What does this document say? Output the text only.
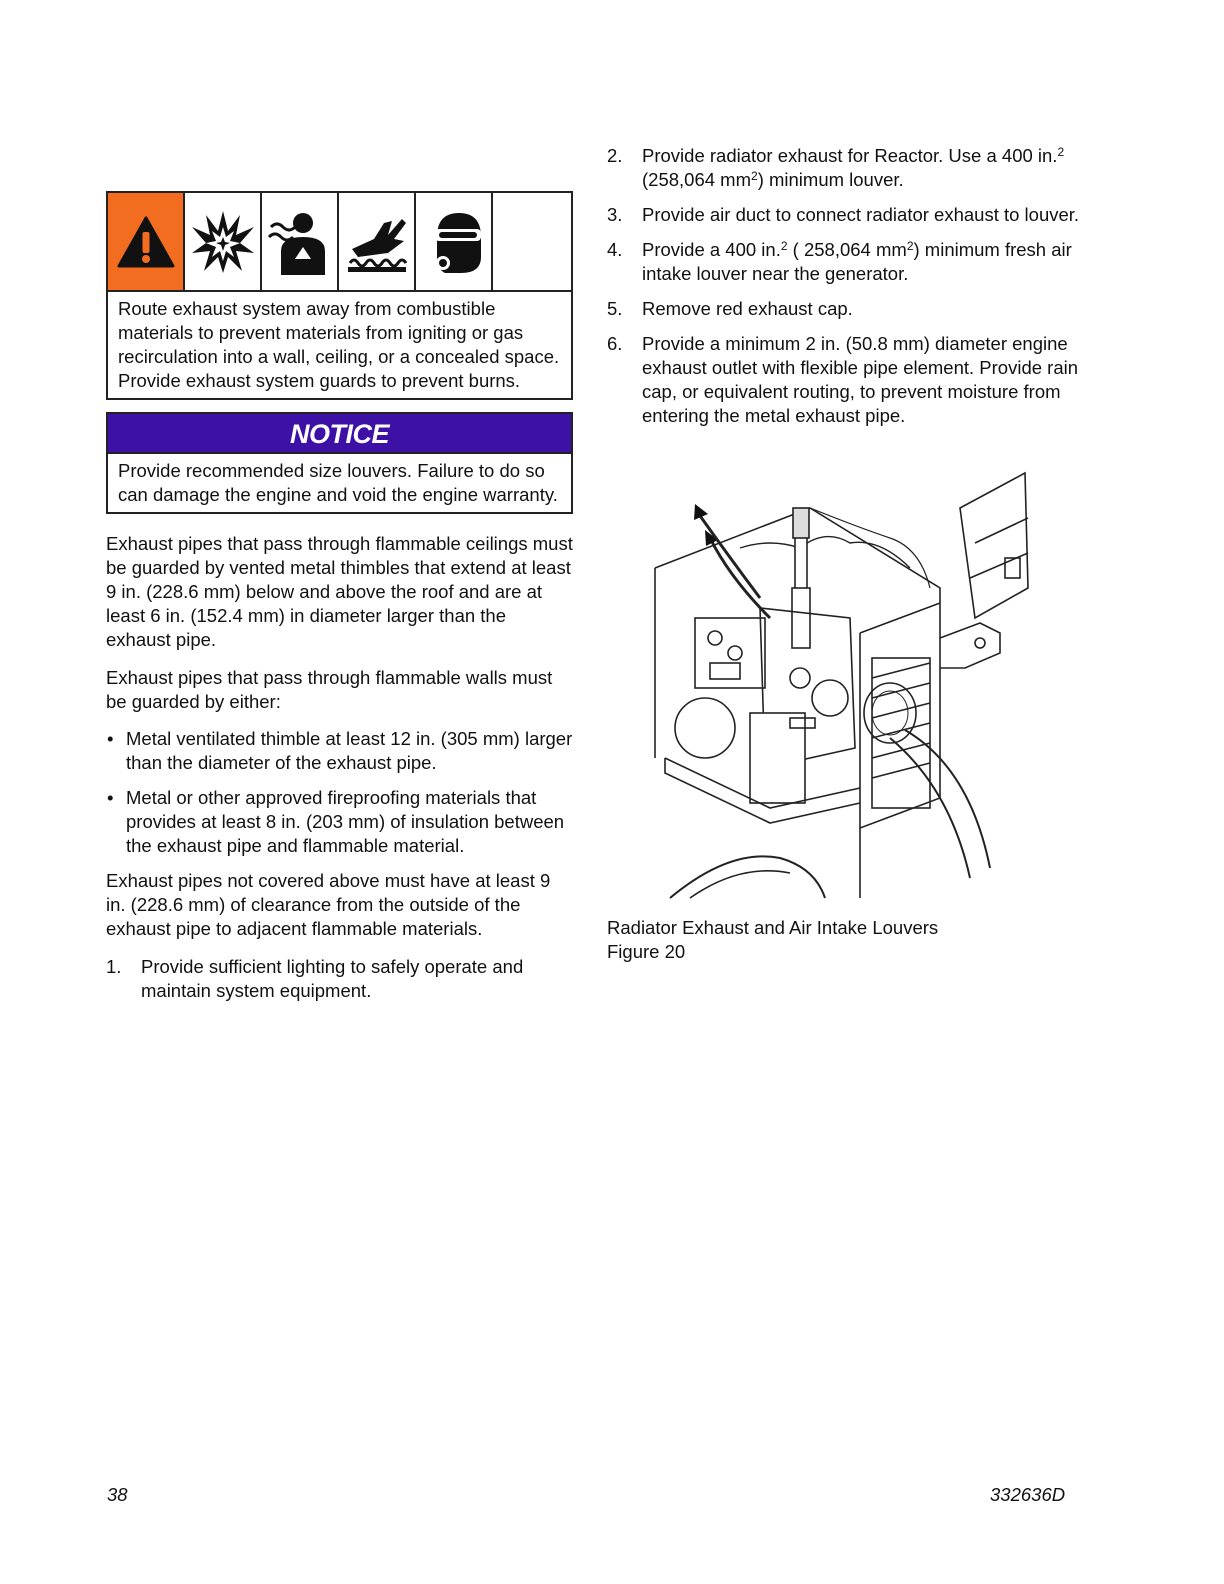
Route exhaust system away from combustible materials to prevent materials from igniting or gas recirculation into a wall, ceiling, or a concealed space. Provide exhaust system guards to prevent burns.

NOTICE

Provide recommended size louvers. Failure to do so can damage the engine and void the engine warranty.

Exhaust pipes that pass through flammable ceilings must be guarded by vented metal thimbles that extend at least 9 in. (228.6 mm) below and above the roof and are at least 6 in. (152.4 mm) in diameter larger than the exhaust pipe.

Exhaust pipes that pass through flammable walls must be guarded by either:

• Metal ventilated thimble at least 12 in. (305 mm) larger than the diameter of the exhaust pipe.
• Metal or other approved fireproofing materials that provides at least 8 in. (203 mm) of insulation between the exhaust pipe and flammable material.

Exhaust pipes not covered above must have at least 9 in. (228.6 mm) of clearance from the outside of the exhaust pipe to adjacent flammable materials.

1. Provide sufficient lighting to safely operate and maintain system equipment.
2. Provide radiator exhaust for Reactor. Use a 400 in.$^2$ (258,064 $mm^2$) minimum louver.
3. Provide air duct to connect radiator exhaust to louver.
4. Provide a 400 in.$^2$ ( 258,064 $mm^2$) minimum fresh air intake louver near the generator.
5. Remove red exhaust cap.
6. Provide a minimum 2 in. (50.8 mm) diameter engine exhaust outlet with flexible pipe element. Provide rain cap, or equivalent routing, to prevent moisture from entering the metal exhaust pipe.

Radiator Exhaust and Air Intake Louvers

Figure 20

38	332636D
